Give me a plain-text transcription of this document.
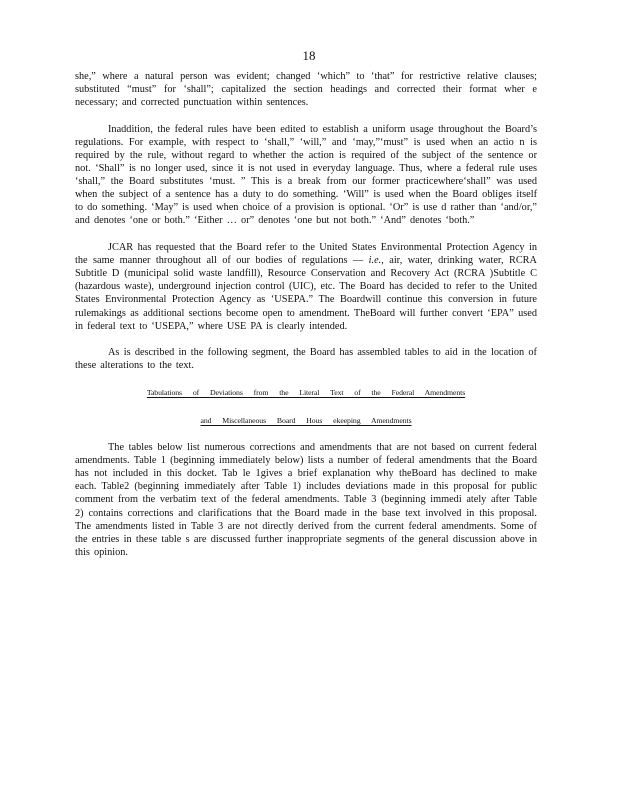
18

she,” where a natural person was evident; changed ‘which” to ‘that” for restrictive relative clauses; substituted “must” for ‘shall”; capitalized the section headings and corrected their format wher e necessary; and corrected punctuation within sentences.

Inaddition, the federal rules have been edited to establish a uniform usage throughout the Board’s regulations. For example, with respect to ‘shall,” ‘will,” and ‘may,”‘must” is used when an actio n is required by the rule, without regard to whether the action is required of the subject of the sentence or not. ‘Shall” is no longer used, since it is not used in everyday language. Thus, where a federal rule uses ‘shall,” the Board substitutes ‘must. ” This is a break from our former practicewhere‘shall” was used when the subject of a sentence has a duty to do something. ‘Will” is used when the Board obliges itself to do something. ‘May” is used when choice of a provision is optional. ‘Or” is use d rather than ‘and/or,” and denotes ‘one or both.” ‘Either … or” denotes ‘one but not both.” ‘And” denotes ‘both.”

JCAR has requested that the Board refer to the United States Environmental Protection Agency in the same manner throughout all of our bodies of regulations — i.e., air, water, drinking water, RCRA Subtitle D (municipal solid waste landfill), Resource Conservation and Recovery Act (RCRA )Subtitle C (hazardous waste), underground injection control (UIC), etc. The Board has decided to refer to the United States Environmental Protection Agency as ‘USEPA.” The Boardwill continue this conversion in future rulemakings as additional sections become open to amendment. TheBoard will further convert ‘EPA” used in federal text to ‘USEPA,” where USE PA is clearly intended.

As is described in the following segment, the Board has assembled tables to aid in the location of these alterations to the text.

Tabulations of Deviations from the Literal Text of the Federal Amendments
and Miscellaneous Board Hous ekeeping Amendments

The tables below list numerous corrections and amendments that are not based on current federal amendments. Table 1 (beginning immediately below) lists a number of federal amendments that the Board has not included in this docket. Tab le 1gives a brief explanation why theBoard has declined to make each. Table2 (beginning immediately after Table 1) includes deviations made in this proposal for public comment from the verbatim text of the federal amendments. Table 3 (beginning immedi ately after Table 2) contains corrections and clarifications that the Board made in the base text involved in this proposal. The amendments listed in Table 3 are not directly derived from the current federal amendments. Some of the entries in these table s are discussed further inappropriate segments of the general discussion above in this opinion.
